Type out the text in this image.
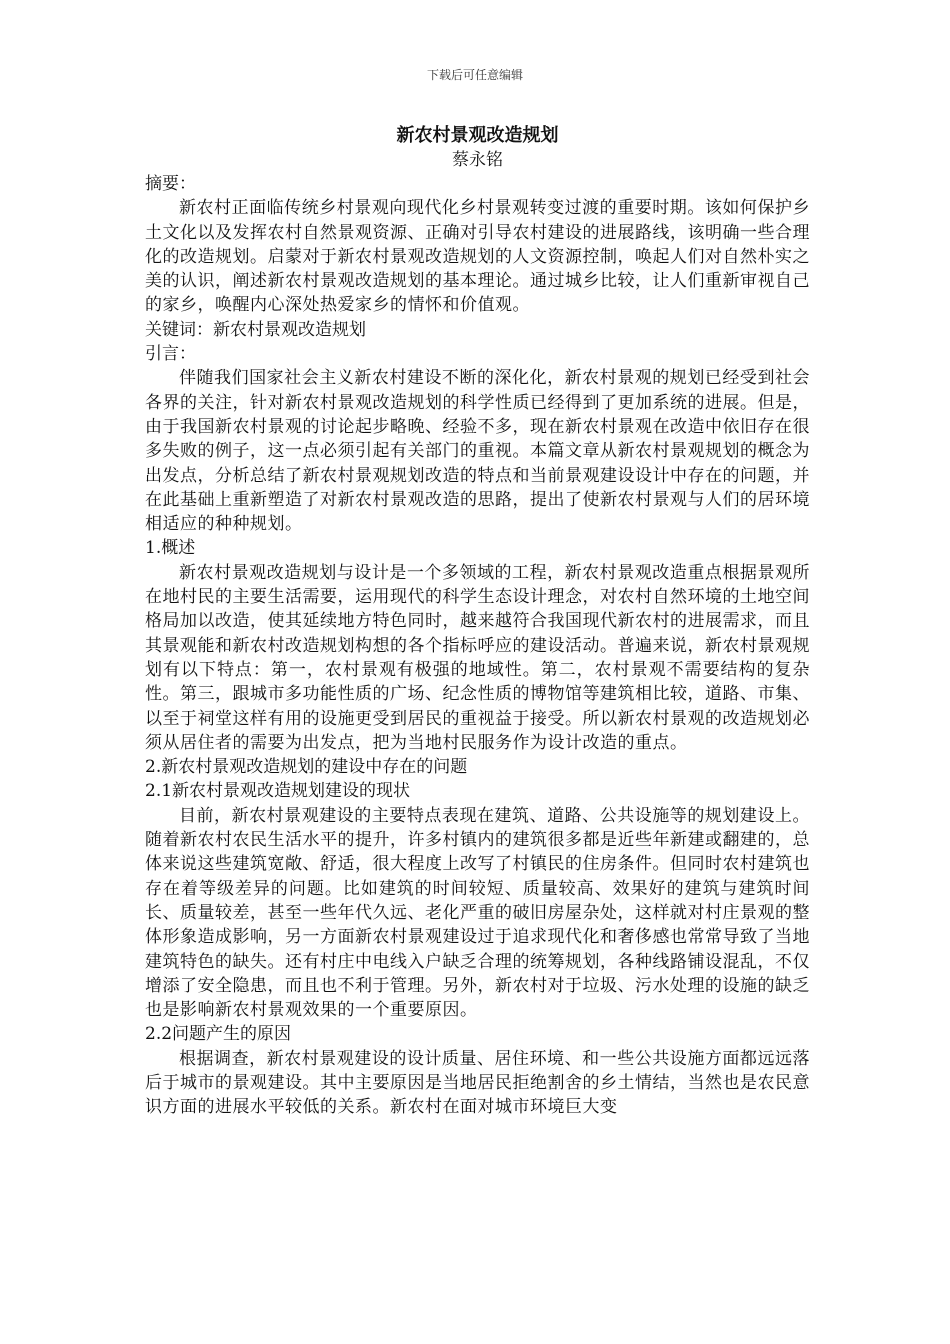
下载后可任意编辑
新农村景观改造规划
蔡永铭

摘要：

新农村正面临传统乡村景观向现代化乡村景观转变过渡的重要时期。该如何保护乡土文化以及发挥农村自然景观资源、正确对引导农村建设的进展路线，该明确一些合理化的改造规划。启蒙对于新农村景观改造规划的人文资源控制，唤起人们对自然朴实之美的认识，阐述新农村景观改造规划的基本理论。通过城乡比较，让人们重新审视自己的家乡，唤醒内心深处热爱家乡的情怀和价值观。

关键词：新农村景观改造规划

引言：

伴随我们国家社会主义新农村建设不断的深化化，新农村景观的规划已经受到社会各界的关注，针对新农村景观改造规划的科学性质已经得到了更加系统的进展。但是，由于我国新农村景观的讨论起步略晚、经验不多，现在新农村景观在改造中依旧存在很多失败的例子，这一点必须引起有关部门的重视。本篇文章从新农村景观规划的概念为出发点，分析总结了新农村景观规划改造的特点和当前景观建设设计中存在的问题，并在此基础上重新塑造了对新农村景观改造的思路，提出了使新农村景观与人们的居环境相适应的种种规划。

1.概述

新农村景观改造规划与设计是一个多领域的工程，新农村景观改造重点根据景观所在地村民的主要生活需要，运用现代的科学生态设计理念，对农村自然环境的土地空间格局加以改造，使其延续地方特色同时，越来越符合我国现代新农村的进展需求，而且其景观能和新农村改造规划构想的各个指标呼应的建设活动。普遍来说，新农村景观规划有以下特点：第一，农村景观有极强的地域性。第二，农村景观不需要结构的复杂性。第三，跟城市多功能性质的广场、纪念性质的博物馆等建筑相比较，道路、市集、以至于祠堂这样有用的设施更受到居民的重视益于接受。所以新农村景观的改造规划必须从居住者的需要为出发点，把为当地村民服务作为设计改造的重点。

2.新农村景观改造规划的建设中存在的问题

2.1新农村景观改造规划建设的现状

目前，新农村景观建设的主要特点表现在建筑、道路、公共设施等的规划建设上。随着新农村农民生活水平的提升，许多村镇内的建筑很多都是近些年新建或翻建的，总体来说这些建筑宽敞、舒适，很大程度上改写了村镇民的住房条件。但同时农村建筑也存在着等级差异的问题。比如建筑的时间较短、质量较高、效果好的建筑与建筑时间长、质量较差，甚至一些年代久远、老化严重的破旧房屋杂处，这样就对村庄景观的整体形象造成影响，另一方面新农村景观建设过于追求现代化和奢侈感也常常导致了当地建筑特色的缺失。还有村庄中电线入户缺乏合理的统筹规划，各种线路铺设混乱，不仅增添了安全隐患，而且也不利于管理。另外，新农村对于垃圾、污水处理的设施的缺乏也是影响新农村景观效果的一个重要原因。

2.2问题产生的原因

根据调查，新农村景观建设的设计质量、居住环境、和一些公共设施方面都远远落后于城市的景观建设。其中主要原因是当地居民拒绝割舍的乡土情结，当然也是农民意识方面的进展水平较低的关系。新农村在面对城市环境巨大变
